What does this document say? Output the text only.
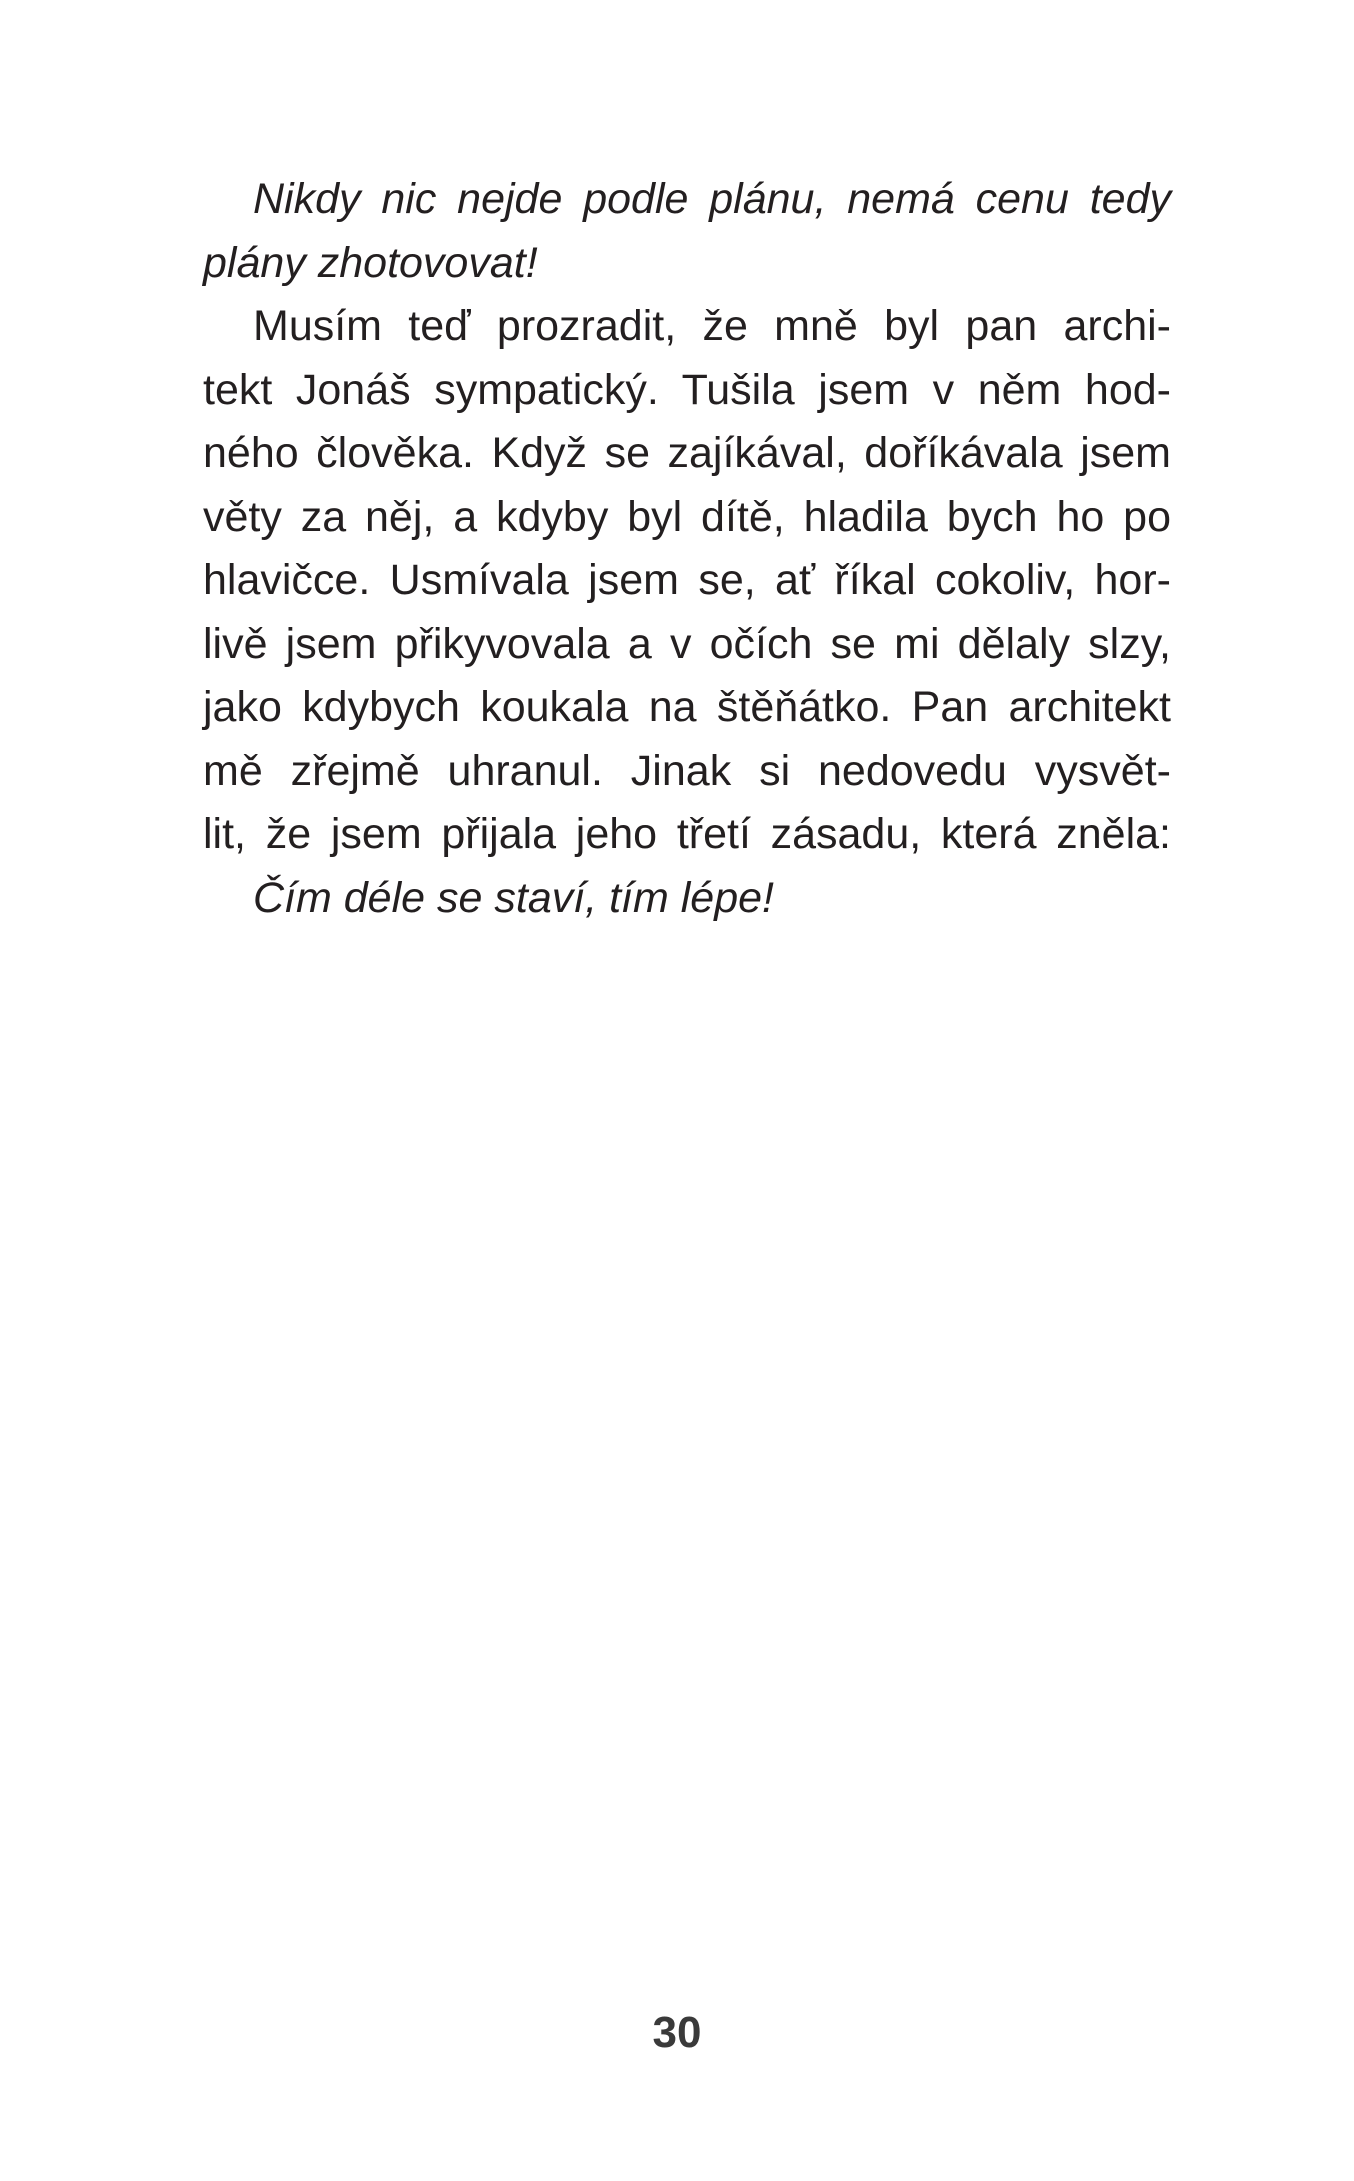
Nikdy nic nejde podle plánu, nemá cenu tedy
plány zhotovovat!
Musím teď prozradit, že mně byl pan archi-
tekt Jonáš sympatický. Tušila jsem v něm hod-
ného člověka. Když se zajíkával, doříkávala jsem
věty za něj, a kdyby byl dítě, hladila bych ho po
hlavičce. Usmívala jsem se, ať říkal cokoliv, hor-
livě jsem přikyvovala a v očích se mi dělaly slzy,
jako kdybych koukala na štěňátko. Pan architekt
mě zřejmě uhranul. Jinak si nedovedu vysvět-
lit, že jsem přijala jeho třetí zásadu, která zněla:
Čím déle se staví, tím lépe!
30
